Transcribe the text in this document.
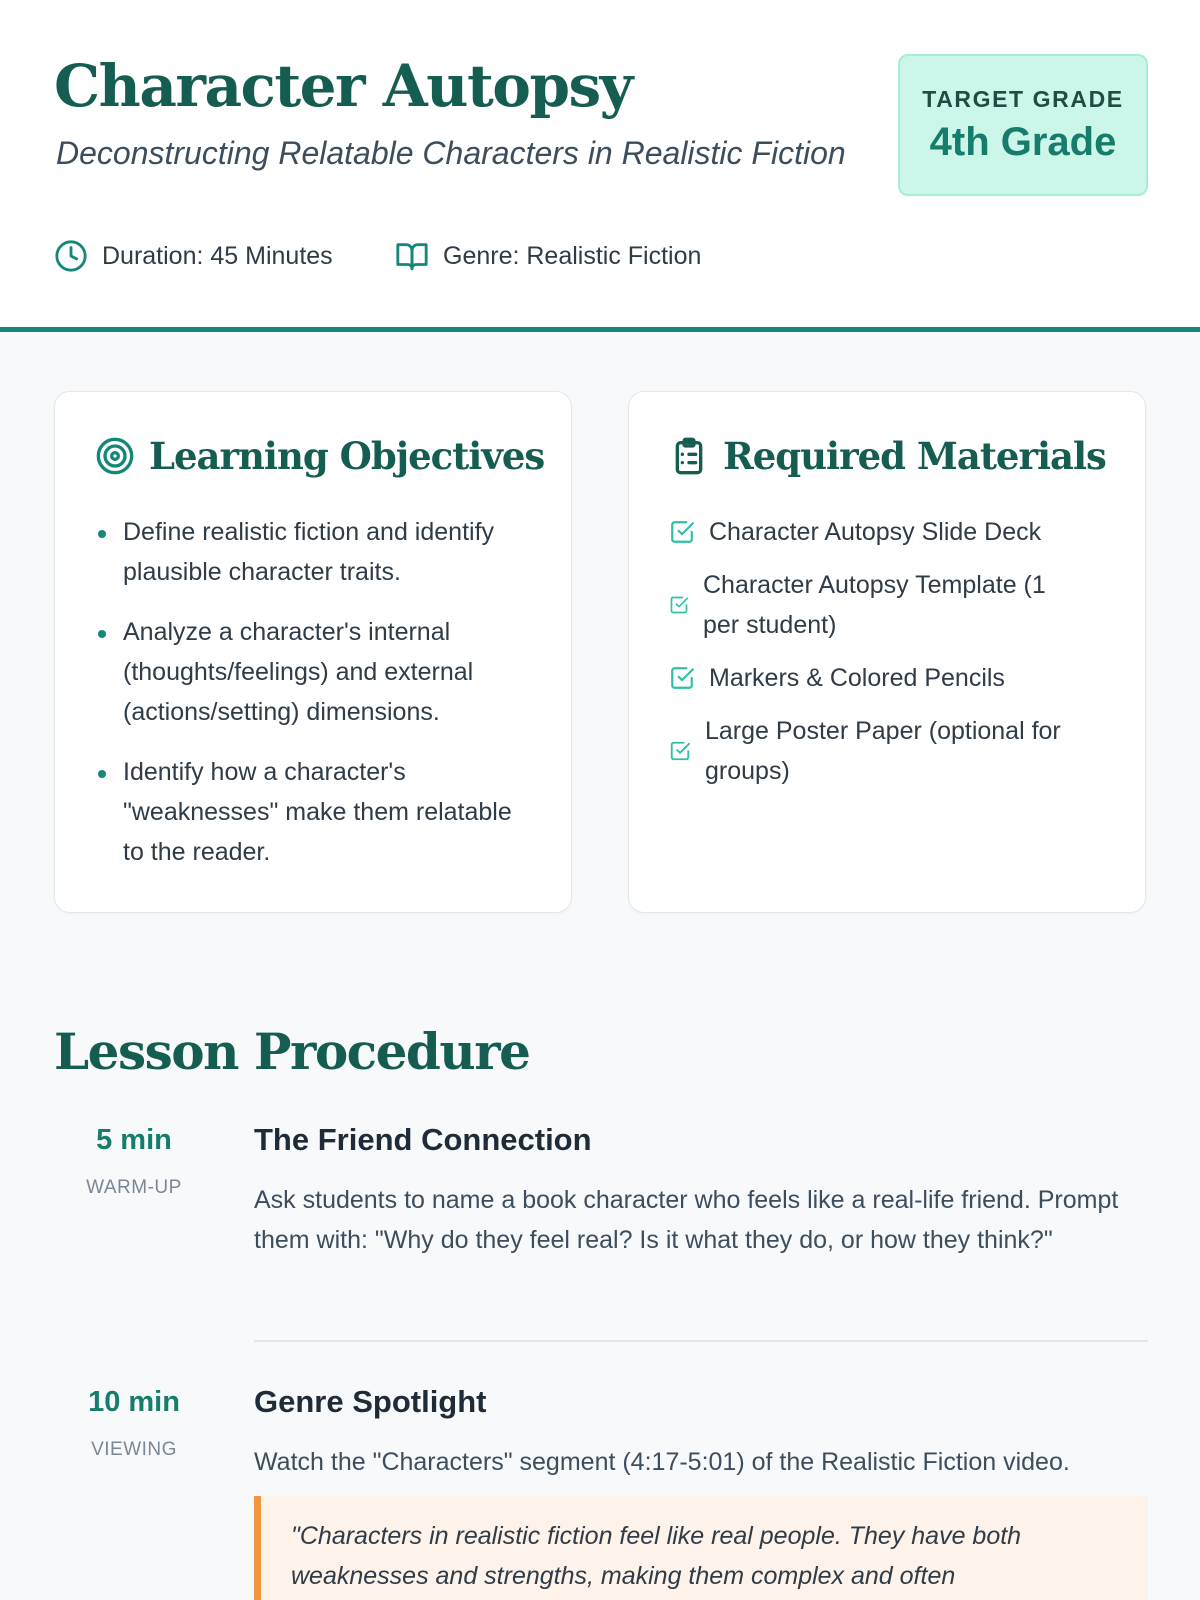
Character Autopsy
Deconstructing Relatable Characters in Realistic Fiction
TARGET GRADE
4th Grade
Duration: 45 Minutes	Genre: Realistic Fiction
Learning Objectives
Define realistic fiction and identify plausible character traits.
Analyze a character's internal (thoughts/feelings) and external (actions/setting) dimensions.
Identify how a character's "weaknesses" make them relatable to the reader.
Required Materials
Character Autopsy Slide Deck
Character Autopsy Template (1 per student)
Markers & Colored Pencils
Large Poster Paper (optional for groups)
Lesson Procedure
5 min
WARM-UP
The Friend Connection
Ask students to name a book character who feels like a real-life friend. Prompt them with: "Why do they feel real? Is it what they do, or how they think?"
10 min
VIEWING
Genre Spotlight
Watch the "Characters" segment (4:17-5:01) of the Realistic Fiction video.

"Characters in realistic fiction feel like real people. They have both weaknesses and strengths, making them complex and often
